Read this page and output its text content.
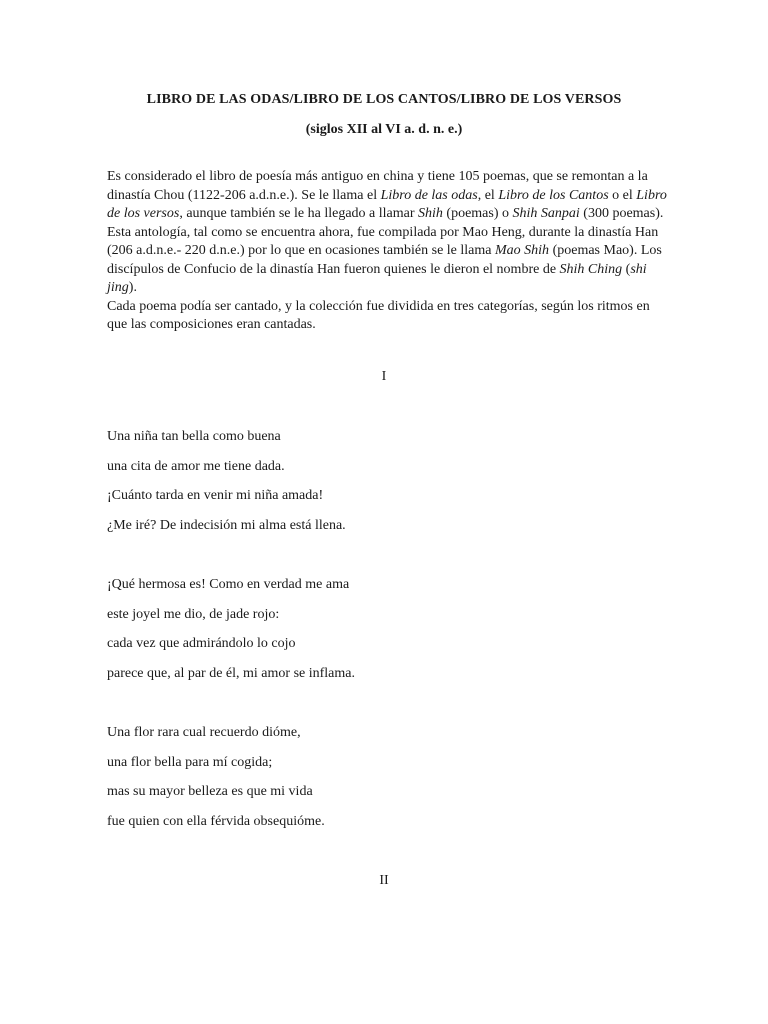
LIBRO DE LAS ODAS/LIBRO DE LOS CANTOS/LIBRO DE LOS VERSOS
(siglos XII al VI a. d. n. e.)

Es considerado el libro de poesía más antiguo en china y tiene 105 poemas, que se remontan a la dinastía Chou (1122-206 a.d.n.e.). Se le llama el Libro de las odas, el Libro de los Cantos o el Libro de los versos, aunque también se le ha llegado a llamar Shih (poemas) o Shih Sanpai (300 poemas). Esta antología, tal como se encuentra ahora, fue compilada por Mao Heng, durante la dinastía Han (206 a.d.n.e.- 220 d.n.e.) por lo que en ocasiones también se le llama Mao Shih (poemas Mao). Los discípulos de Confucio de la dinastía Han fueron quienes le dieron el nombre de Shih Ching (shi jing).

Cada poema podía ser cantado, y la colección fue dividida en tres categorías, según los ritmos en que las composiciones eran cantadas.

I
Una niña tan bella como buena
una cita de amor me tiene dada.
¡Cuánto tarda en venir mi niña amada!
¿Me iré? De indecisión mi alma está llena.
¡Qué hermosa es! Como en verdad me ama
este joyel me dio, de jade rojo:
cada vez que admirándolo lo cojo
parece que, al par de él, mi amor se inflama.
Una flor rara cual recuerdo dióme,
una flor bella para mí cogida;
mas su mayor belleza es que mi vida
fue quien con ella férvida obsequióme.
II
